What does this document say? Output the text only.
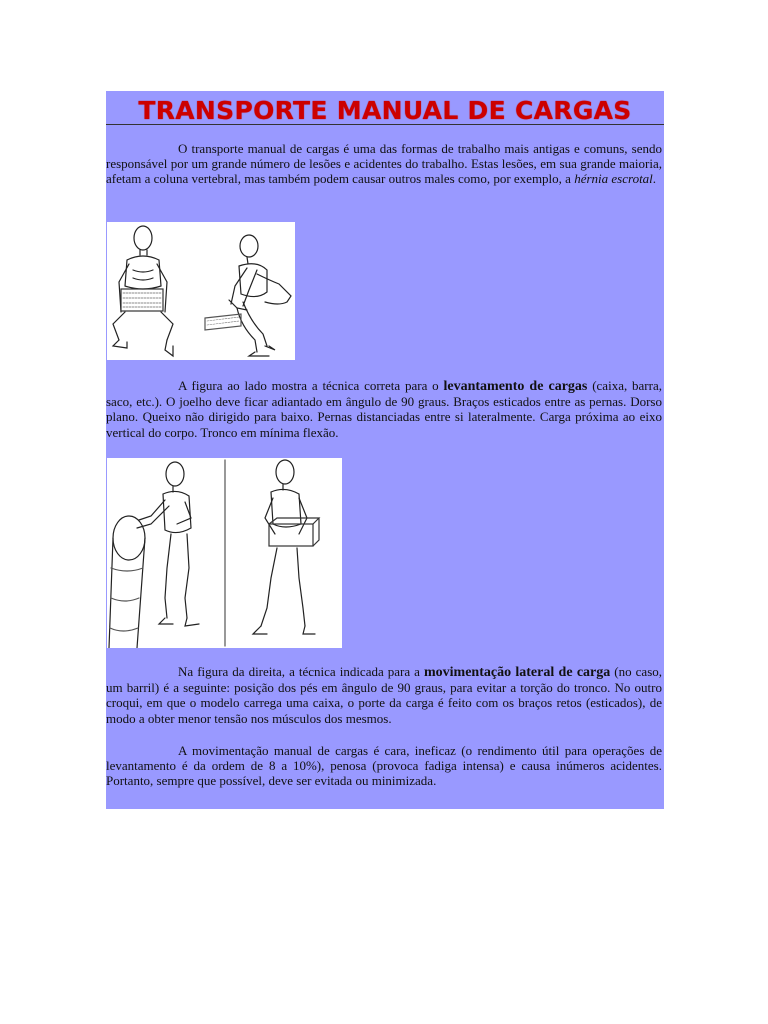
TRANSPORTE MANUAL DE CARGAS
O transporte manual de cargas é uma das formas de trabalho mais antigas e comuns, sendo responsável por um grande número de lesões e acidentes do trabalho. Estas lesões, em sua grande maioria, afetam a coluna vertebral, mas também podem causar outros males como, por exemplo, a hérnia escrotal.
A figura ao lado mostra a técnica correta para o levantamento de cargas (caixa, barra, saco, etc.). O joelho deve ficar adiantado em ângulo de 90 graus. Braços esticados entre as pernas. Dorso plano. Queixo não dirigido para baixo. Pernas distanciadas entre si lateralmente. Carga próxima ao eixo vertical do corpo. Tronco em mínima flexão.
Na figura da direita, a técnica indicada para a movimentação lateral de carga (no caso, um barril) é a seguinte: posição dos pés em ângulo de 90 graus, para evitar a torção do tronco. No outro croqui, em que o modelo carrega uma caixa, o porte da carga é feito com os braços retos (esticados), de modo a obter menor tensão nos músculos dos mesmos.
A movimentação manual de cargas é cara, ineficaz (o rendimento útil para operações de levantamento é da ordem de 8 a 10%), penosa (provoca fadiga intensa) e causa inúmeros acidentes. Portanto, sempre que possível, deve ser evitada ou minimizada.
